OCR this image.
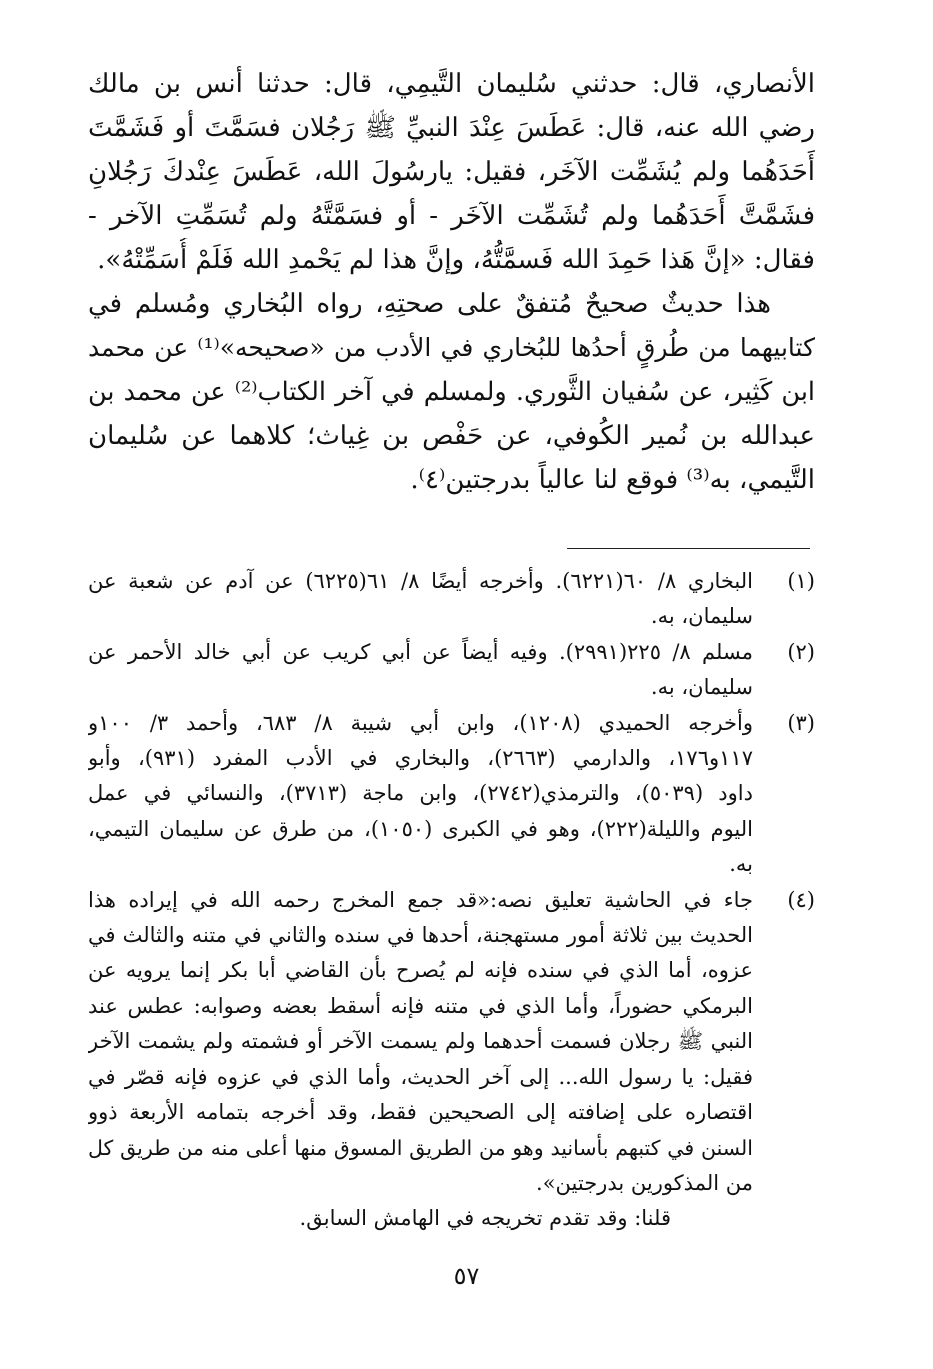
الأنصاري، قال: حدثني سُليمان التَّيمِي، قال: حدثنا أنس بن مالك
رضي الله عنه، قال: عَطَسَ عِنْدَ النبيِّ ﷺ رَجُلان فسَمَّتَ أو فَشَمَّتَ
أَحَدَهُما ولم يُشَمِّت الآخَر، فقيل: يارسُولَ الله، عَطَسَ عِنْدكَ رَجُلانِ
فشَمَّتَّ أَحَدَهُما ولم تُشَمِّت الآخَر - أو فسَمَّتَّهُ ولم تُسَمِّتِ الآخر -
فقال: «إنَّ هَذا حَمِدَ الله فَسمَّتُّهُ، وإنَّ هذا لم يَحْمدِ الله فَلَمْ أُسَمِّتْهُ».
هذا حديثٌ صحيحٌ مُتفقٌ على صحتِهِ، رواه البُخاري ومُسلم في
كتابيهما من طُرقٍ أحدُها للبُخاري في الأدب من «صحيحه»⁽¹⁾ عن محمد
ابن كَثِير، عن سُفيان الثَّوري. ولمسلم في آخر الكتاب⁽²⁾ عن محمد بن
عبدالله بن نُمير الكُوفي، عن حَفْص بن غِياث؛ كلاهما عن سُليمان
التَّيمي، به⁽³⁾ فوقع لنا عالياً بدرجتين⁽٤⁾.
(١)
البخاري ٨/ ٦٠(٦٢٢١). وأخرجه أيضًا ٨/ ٦١(٦٢٢٥) عن آدم عن شعبة عن
سليمان، به.
(٢)
مسلم ٨/ ٢٢٥(٢٩٩١). وفيه أيضاً عن أبي كريب عن أبي خالد الأحمر عن
سليمان، به.
(٣)
وأخرجه الحميدي (١٢٠٨)، وابن أبي شيبة ٨/ ٦٨٣، وأحمد ٣/ ١٠٠و
١١٧و١٧٦، والدارمي (٢٦٦٣)، والبخاري في الأدب المفرد (٩٣١)، وأبو
داود (٥٠٣٩)، والترمذي(٢٧٤٢)، وابن ماجة (٣٧١٣)، والنسائي في عمل
اليوم والليلة(٢٢٢)، وهو في الكبرى (١٠٥٠)، من طرق عن سليمان التيمي،
به.
(٤)
جاء في الحاشية تعليق نصه:«قد جمع المخرج رحمه الله في إيراده هذا
الحديث بين ثلاثة أمور مستهجنة، أحدها في سنده والثاني في متنه والثالث في
عزوه، أما الذي في سنده فإنه لم يُصرح بأن القاضي أبا بكر إنما يرويه عن
البرمكي حضوراً، وأما الذي في متنه فإنه أسقط بعضه وصوابه: عطس عند
النبي ﷺ رجلان فسمت أحدهما ولم يسمت الآخر أو فشمته ولم يشمت الآخر
فقيل: يا رسول الله... إلى آخر الحديث، وأما الذي في عزوه فإنه قصّر في
اقتصاره على إضافته إلى الصحيحين فقط، وقد أخرجه بتمامه الأربعة ذوو
السنن في كتبهم بأسانيد وهو من الطريق المسوق منها أعلى منه من طريق كل
من المذكورين بدرجتين».
قلنا: وقد تقدم تخريجه في الهامش السابق.
٥٧
